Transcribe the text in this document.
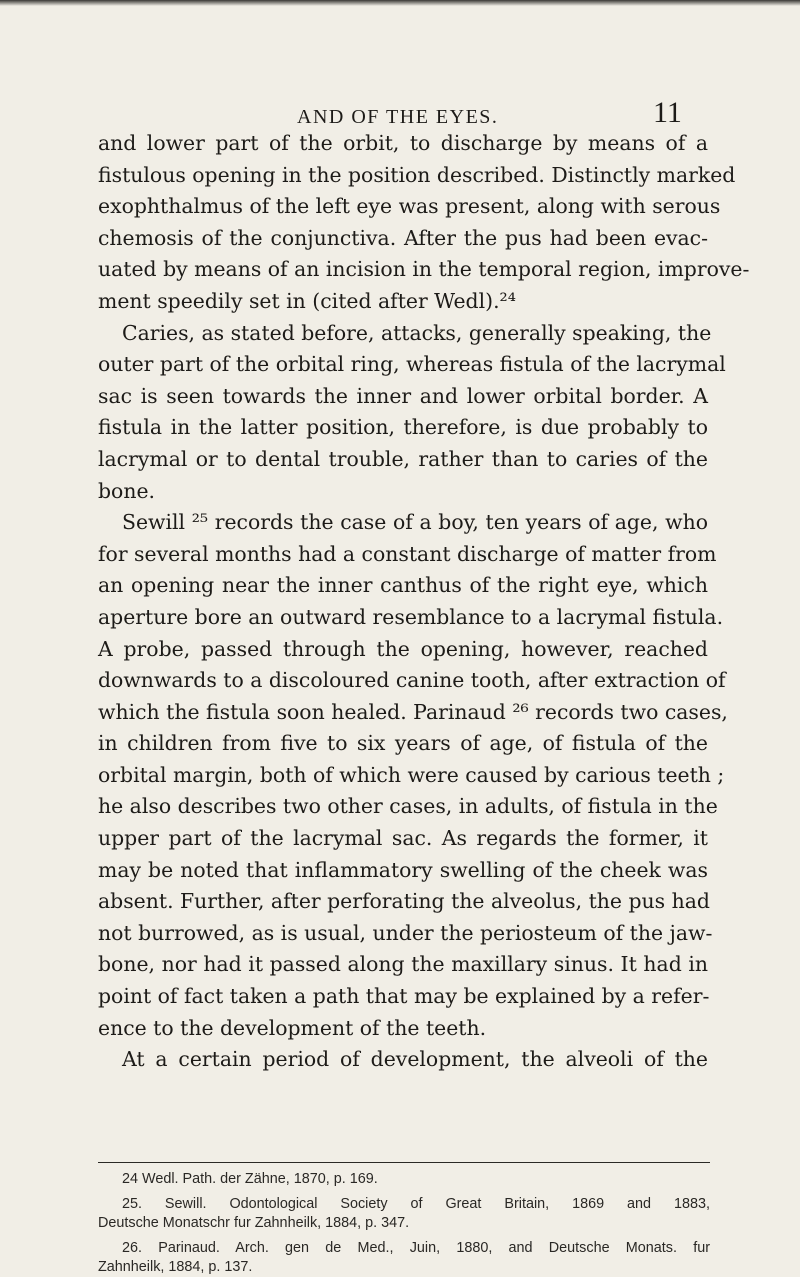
AND OF THE EYES.	11
and lower part of the orbit, to discharge by means of a
fistulous opening in the position described. Distinctly marked
exophthalmus of the left eye was present, along with serous
chemosis of the conjunctiva. After the pus had been evac-
uated by means of an incision in the temporal region, improve-
ment speedily set in (cited after Wedl).²⁴
Caries, as stated before, attacks, generally speaking, the
outer part of the orbital ring, whereas fistula of the lacrymal
sac is seen towards the inner and lower orbital border. A
fistula in the latter position, therefore, is due probably to
lacrymal or to dental trouble, rather than to caries of the
bone.
Sewill ²⁵ records the case of a boy, ten years of age, who
for several months had a constant discharge of matter from
an opening near the inner canthus of the right eye, which
aperture bore an outward resemblance to a lacrymal fistula.
A probe, passed through the opening, however, reached
downwards to a discoloured canine tooth, after extraction of
which the fistula soon healed. Parinaud ²⁶ records two cases,
in children from five to six years of age, of fistula of the
orbital margin, both of which were caused by carious teeth ;
he also describes two other cases, in adults, of fistula in the
upper part of the lacrymal sac. As regards the former, it
may be noted that inflammatory swelling of the cheek was
absent. Further, after perforating the alveolus, the pus had
not burrowed, as is usual, under the periosteum of the jaw-
bone, nor had it passed along the maxillary sinus. It had in
point of fact taken a path that may be explained by a refer-
ence to the development of the teeth.
At a certain period of development, the alveoli of the
24 Wedl. Path. der Zähne, 1870, p. 169.
25. Sewill. Odontological Society of Great Britain, 1869 and 1883,
Deutsche Monatschr fur Zahnheilk, 1884, p. 347.
26. Parinaud. Arch. gen de Med., Juin, 1880, and Deutsche Monats. fur
Zahnheilk, 1884, p. 137.
